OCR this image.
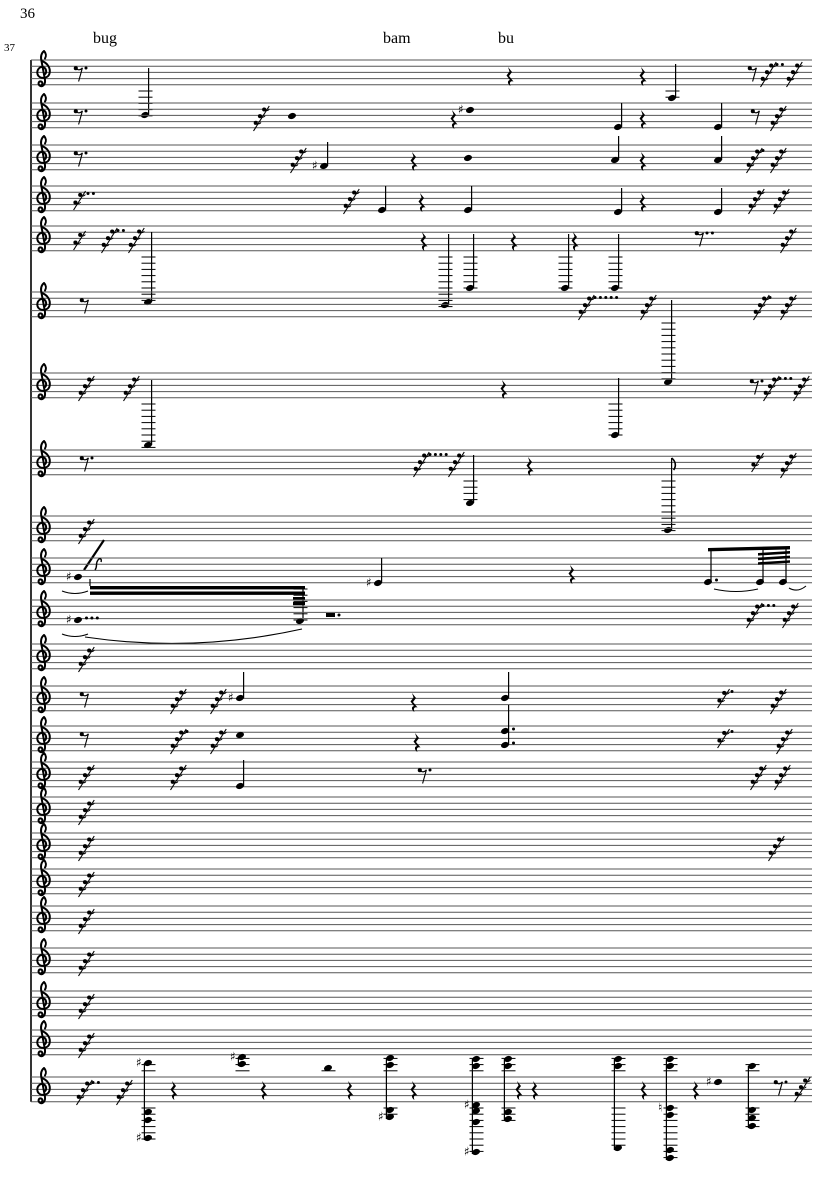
36
37
bug	bam	bu
♯
♯
♯	♯
♯
♯
♯
♯
♯
♯
♯
♯
♮
♯
